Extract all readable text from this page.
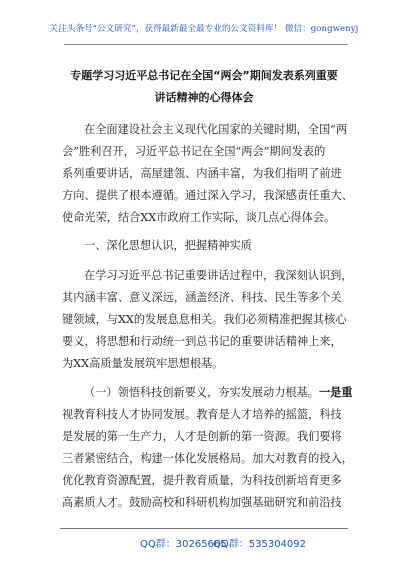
关注头条号“公文研究”，获得最新最全最专业的公文资料库！ 微信：gongwenyj
专题学习习近平总书记在全国“两会”期间发表系列重要
讲话精神的心得体会
在全面建设社会主义现代化国家的关键时期，全国“两
会”胜利召开，习近平总书记在全国“两会”期间发表的
系列重要讲话，高屋建瓴、内涵丰富，为我们指明了前进
方向、提供了根本遵循。通过深入学习，我深感责任重大、
使命光荣，结合XX市政府工作实际，谈几点心得体会。
一、深化思想认识，把握精神实质
在学习习近平总书记重要讲话过程中，我深刻认识到，
其内涵丰富、意义深远，涵盖经济、科技、民生等多个关
键领域，与XX的发展息息相关。我们必须精准把握其核心
要义，将思想和行动统一到总书记的重要讲话精神上来，
为XX高质量发展筑牢思想根基。
（一）领悟科技创新要义，夯实发展动力根基。一是重
视教育科技人才协同发展。教育是人才培养的摇篮，科技
是发展的第一生产力，人才是创新的第一资源。我们要将
三者紧密结合，构建一体化发展格局。加大对教育的投入，
优化教育资源配置，提升教育质量，为科技创新培育更多
高素质人才。鼓励高校和科研机构加强基础研究和前沿技
QQ群：30265665
QQ群：535304092
